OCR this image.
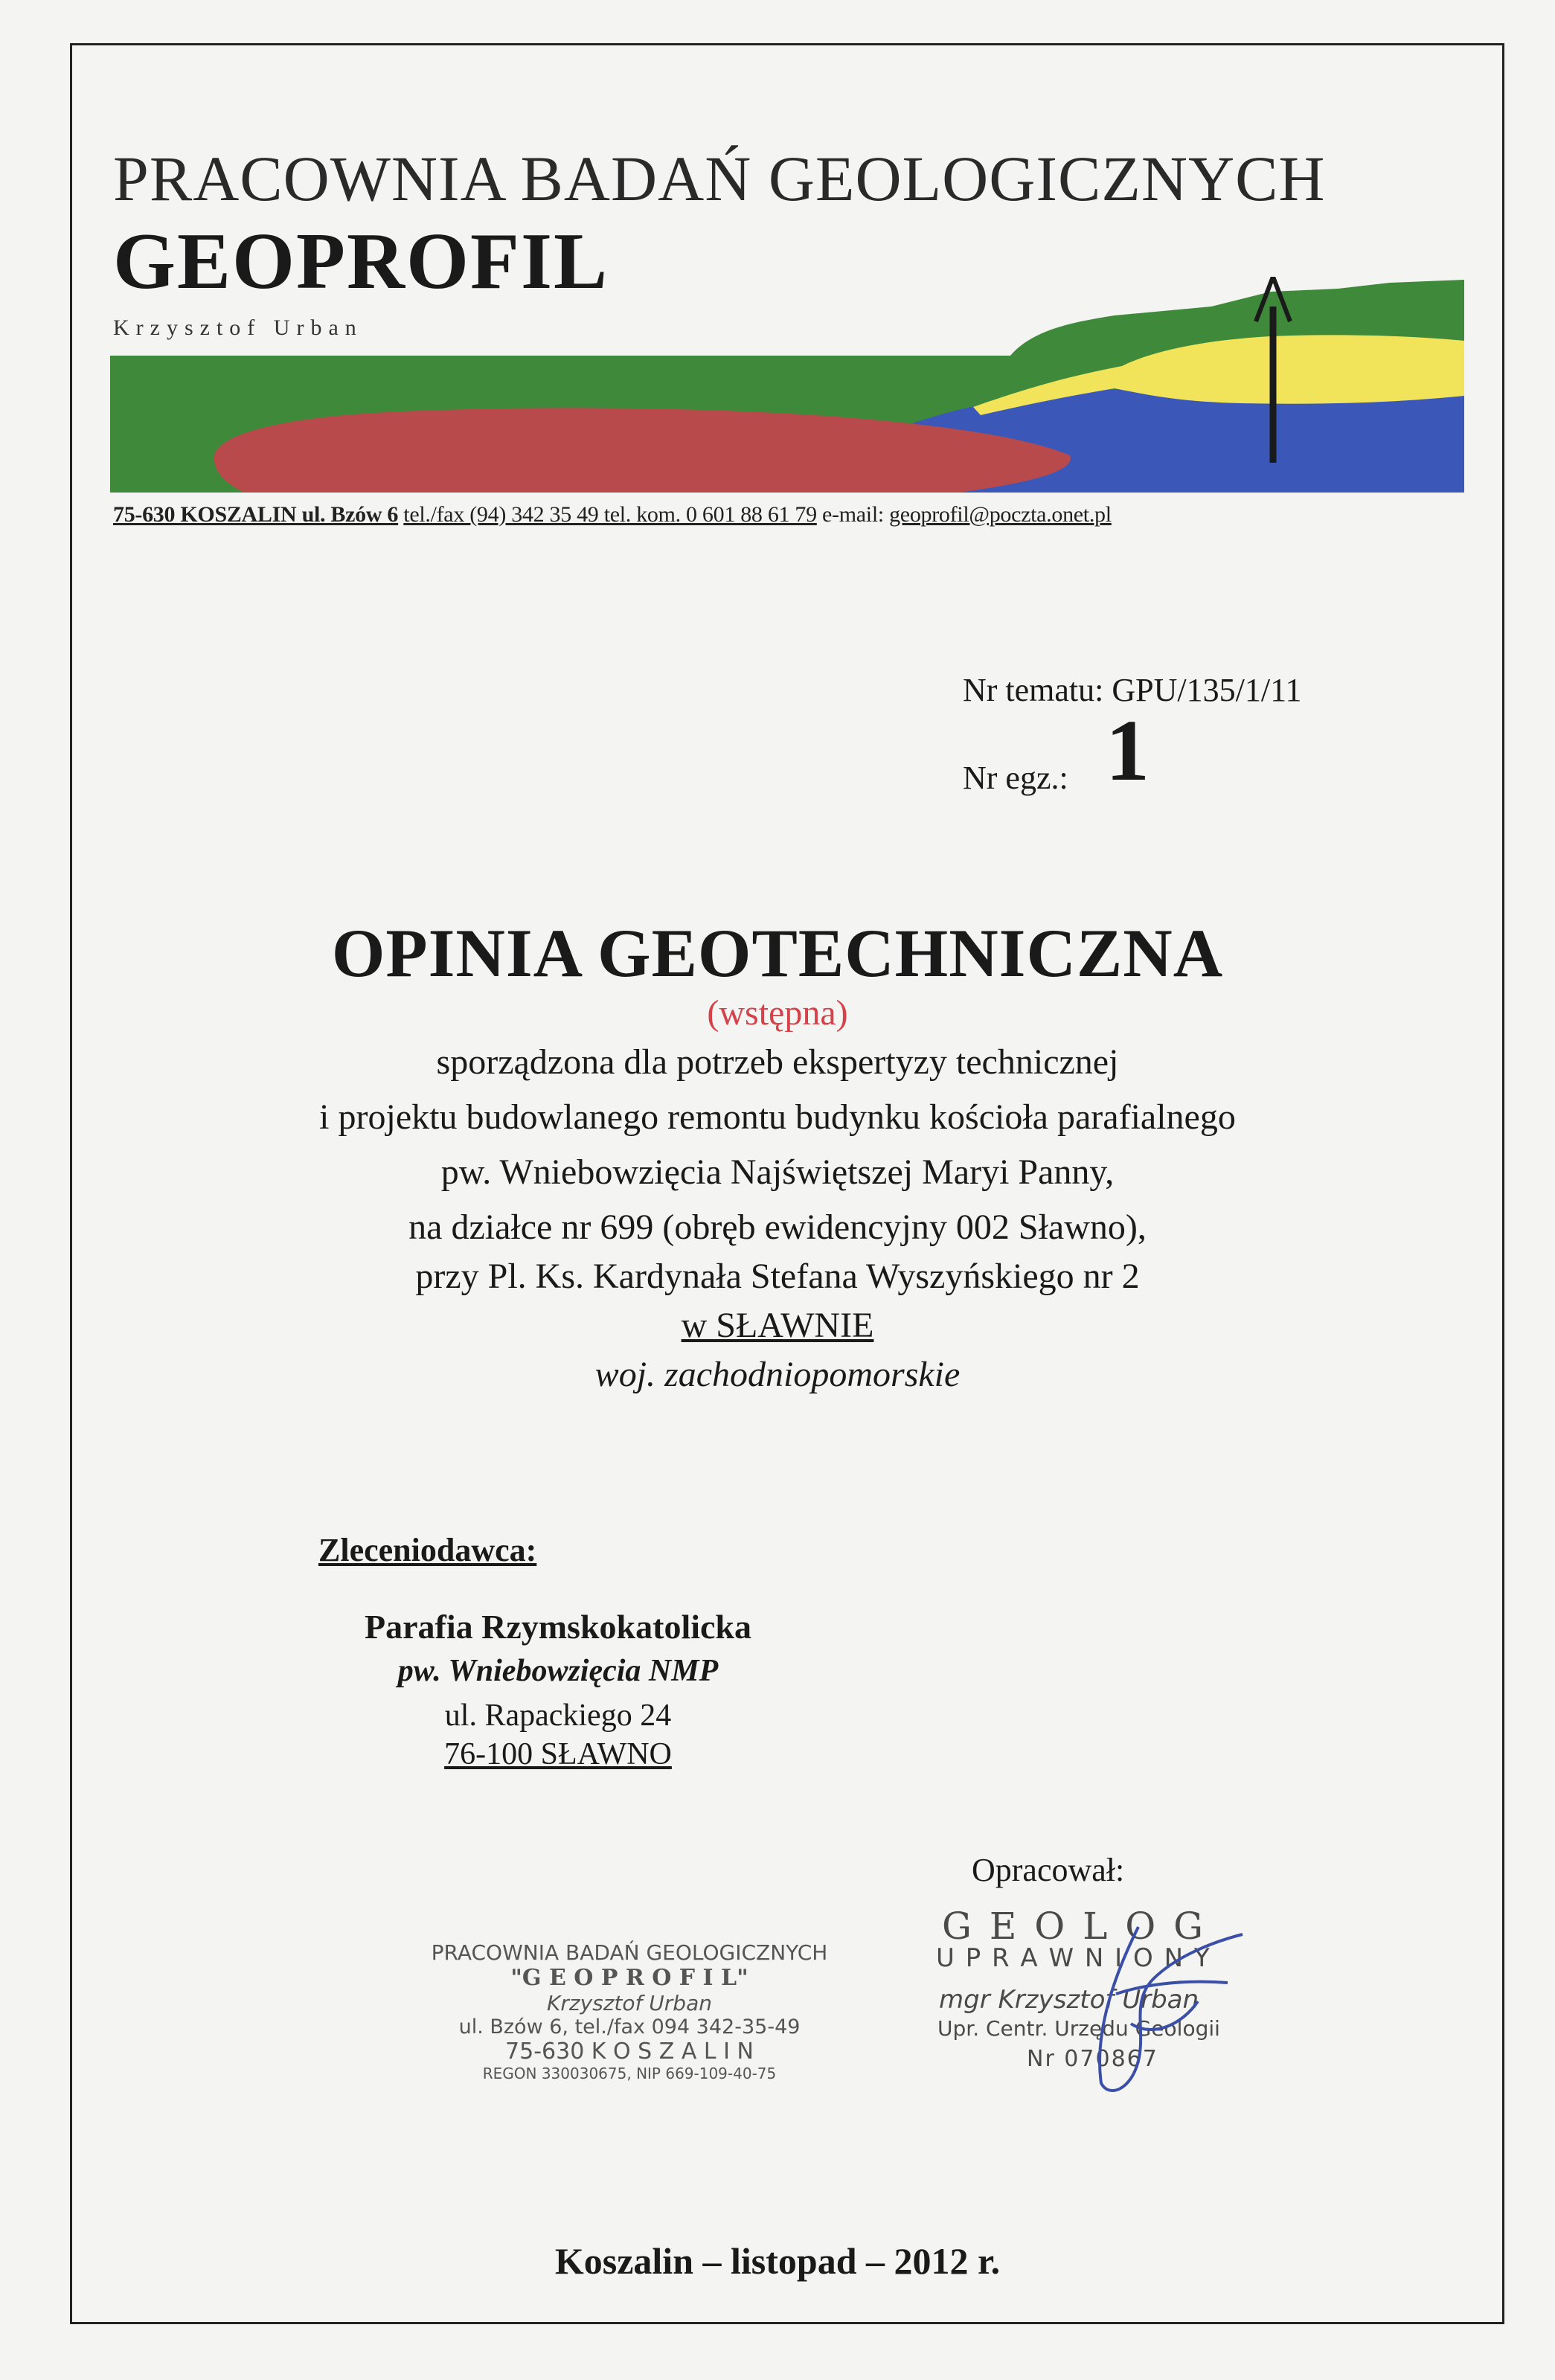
PRACOWNIA BADAŃ GEOLOGICZNYCH
GEOPROFIL
Krzysztof Urban
75-630 KOSZALIN ul. Bzów 6 tel./fax (94) 342 35 49 tel. kom. 0 601 88 61 79 e-mail: geoprofil@poczta.onet.pl
Nr tematu: GPU/135/1/11
Nr egz.: 1
OPINIA GEOTECHNICZNA
(wstępna)
sporządzona dla potrzeb ekspertyzy technicznej
i projektu budowlanego remontu budynku kościoła parafialnego
pw. Wniebowzięcia Najświętszej Maryi Panny,
na działce nr 699 (obręb ewidencyjny 002 Sławno),
przy Pl. Ks. Kardynała Stefana Wyszyńskiego nr 2
w SŁAWNIE
woj. zachodniopomorskie
Zleceniodawca:
Parafia Rzymskokatolicka
pw. Wniebowzięcia NMP
ul. Rapackiego 24
76-100 SŁAWNO
Opracował:
PRACOWNIA BADAŃ GEOLOGICZNYCH
"G E O P R O F I L"
Krzysztof Urban
ul. Bzów 6, tel./fax 094 342-35-49
75-630 K O S Z A L I N
REGON 330030675, NIP 669-109-40-75
G E O L O G
U P R A W N I O N Y
mgr Krzysztof Urban
Upr. Centr. Urzędu Geologii
Nr 070867
Koszalin – listopad – 2012 r.
